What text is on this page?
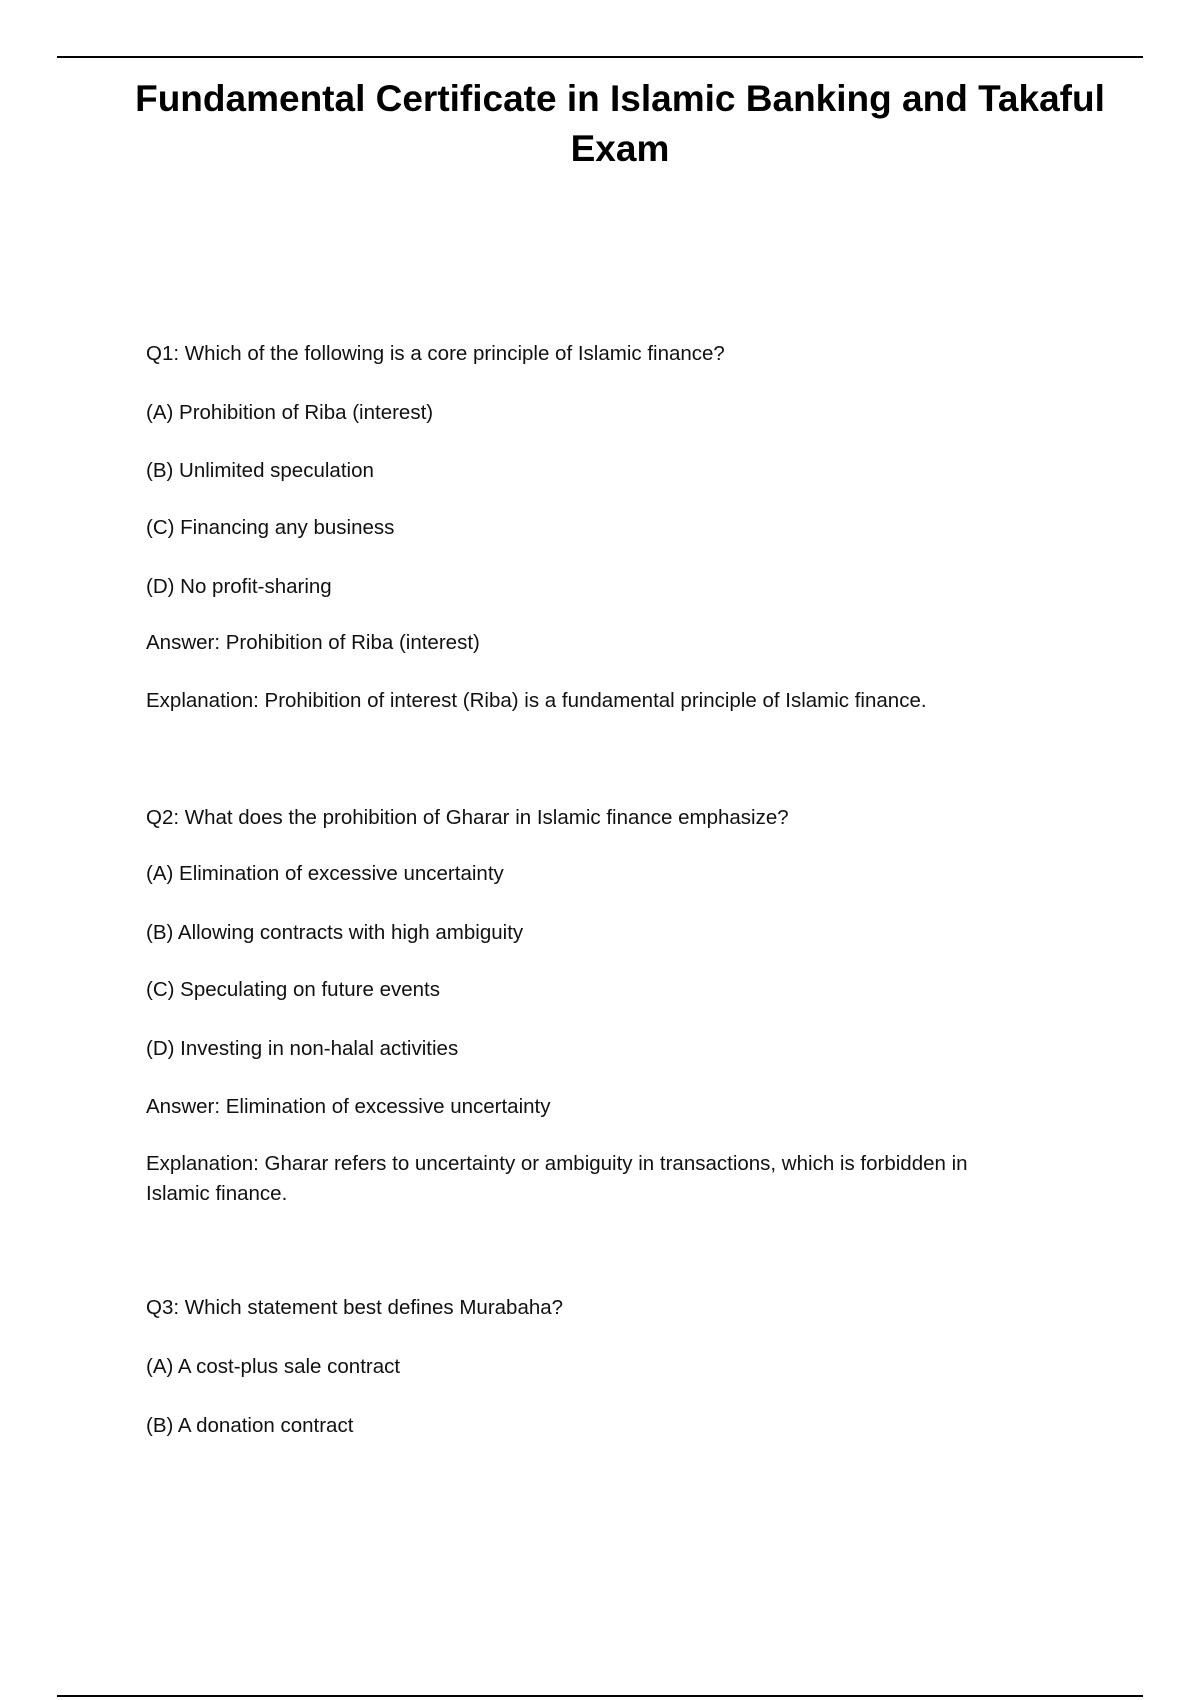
Fundamental Certificate in Islamic Banking and Takaful
Exam
Q1: Which of the following is a core principle of Islamic finance?
(A) Prohibition of Riba (interest)
(B) Unlimited speculation
(C) Financing any business
(D) No profit-sharing
Answer: Prohibition of Riba (interest)
Explanation: Prohibition of interest (Riba) is a fundamental principle of Islamic finance.
Q2: What does the prohibition of Gharar in Islamic finance emphasize?
(A) Elimination of excessive uncertainty
(B) Allowing contracts with high ambiguity
(C) Speculating on future events
(D) Investing in non-halal activities
Answer: Elimination of excessive uncertainty
Explanation: Gharar refers to uncertainty or ambiguity in transactions, which is forbidden in
Islamic finance.
Q3: Which statement best defines Murabaha?
(A) A cost-plus sale contract
(B) A donation contract
